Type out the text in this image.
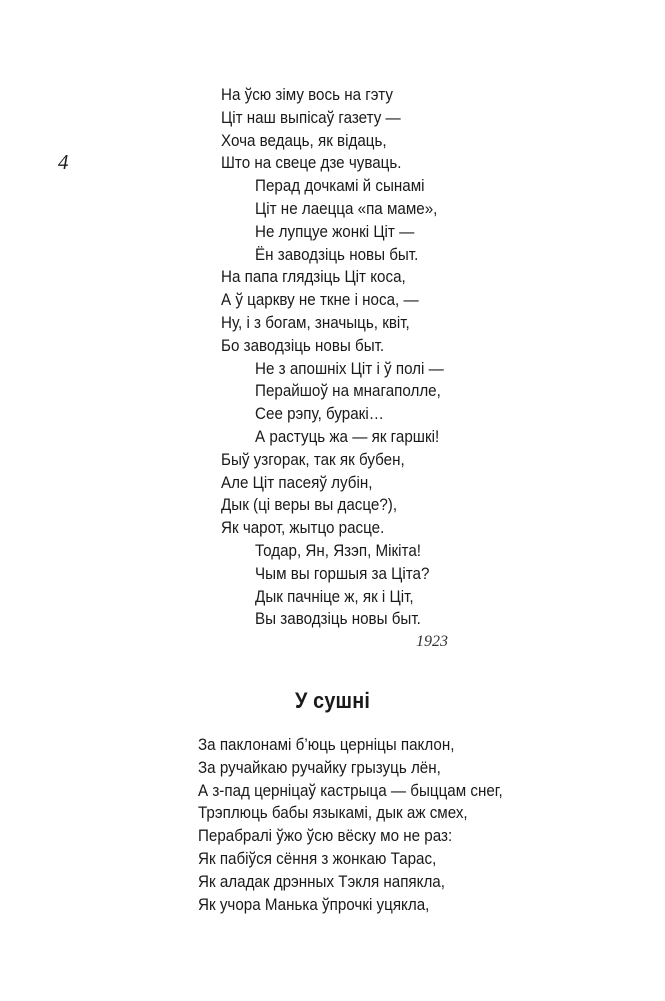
4
На ўсю зіму вось на гэту
Ціт наш выпісаў газету —
Хоча ведаць, як відаць,
Што на свеце дзе чуваць.
Перад дочкамі й сынамі
Ціт не лаецца «па маме»,
Не лупцуе жонкі Ціт —
Ён заводзіць новы быт.
На папа глядзіць Ціт коса,
А ў царкву не ткне і носа, —
Ну, і з богам, значыць, квіт,
Бо заводзіць новы быт.
Не з апошніх Ціт і ў полі —
Перайшоў на мнагаполле,
Сее рэпу, буракі…
А растуць жа — як гаршкі!
Быў узгорак, так як бубен,
Але Ціт пасеяў лубін,
Дык (ці веры вы дасце?),
Як чарот, жытцо расце.
Тодар, Ян, Язэп, Мікіта!
Чым вы горшыя за Ціта?
Дык пачніце ж, як і Ціт,
Вы заводзіць новы быт.
1923
У сушні
За паклонамі б’юць церніцы паклон,
За ручайкаю ручайку грызуць лён,
А з-пад церніцаў кастрыца — быццам снег,
Трэплюць бабы языкамі, дык аж смех,
Перабралі ўжо ўсю вёску мо не раз:
Як пабіўся сёння з жонкаю Тарас,
Як аладак дрэнных Тэкля напякла,
Як учора Манька ўпрочкі уцякла,
